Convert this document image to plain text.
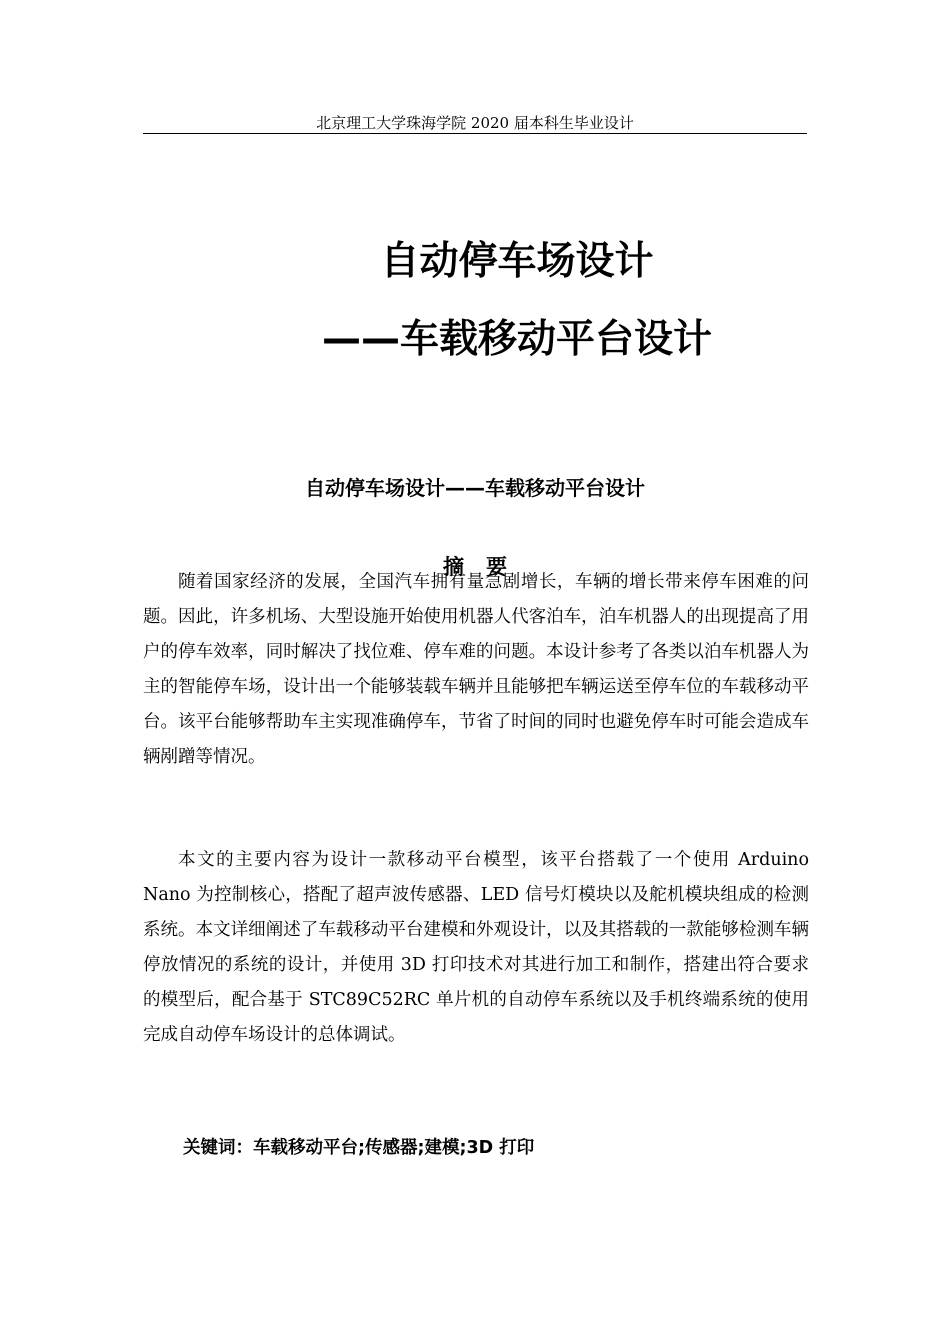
北京理工大学珠海学院 2020 届本科生毕业设计
自动停车场设计
——车载移动平台设计
自动停车场设计——车载移动平台设计
摘要

随着国家经济的发展，全国汽车拥有量急剧增长，车辆的增长带来停车困难的问题。因此，许多机场、大型设施开始使用机器人代客泊车，泊车机器人的出现提高了用户的停车效率，同时解决了找位难、停车难的问题。本设计参考了各类以泊车机器人为主的智能停车场，设计出一个能够装载车辆并且能够把车辆运送至停车位的车载移动平台。该平台能够帮助车主实现准确停车，节省了时间的同时也避免停车时可能会造成车辆剐蹭等情况。

本文的主要内容为设计一款移动平台模型，该平台搭载了一个使用 Arduino Nano 为控制核心，搭配了超声波传感器、LED 信号灯模块以及舵机模块组成的检测系统。本文详细阐述了车载移动平台建模和外观设计，以及其搭载的一款能够检测车辆停放情况的系统的设计，并使用 3D 打印技术对其进行加工和制作，搭建出符合要求的模型后，配合基于 STC89C52RC 单片机的自动停车系统以及手机终端系统的使用完成自动停车场设计的总体调试。

关键词：车载移动平台;传感器;建模;3D 打印
